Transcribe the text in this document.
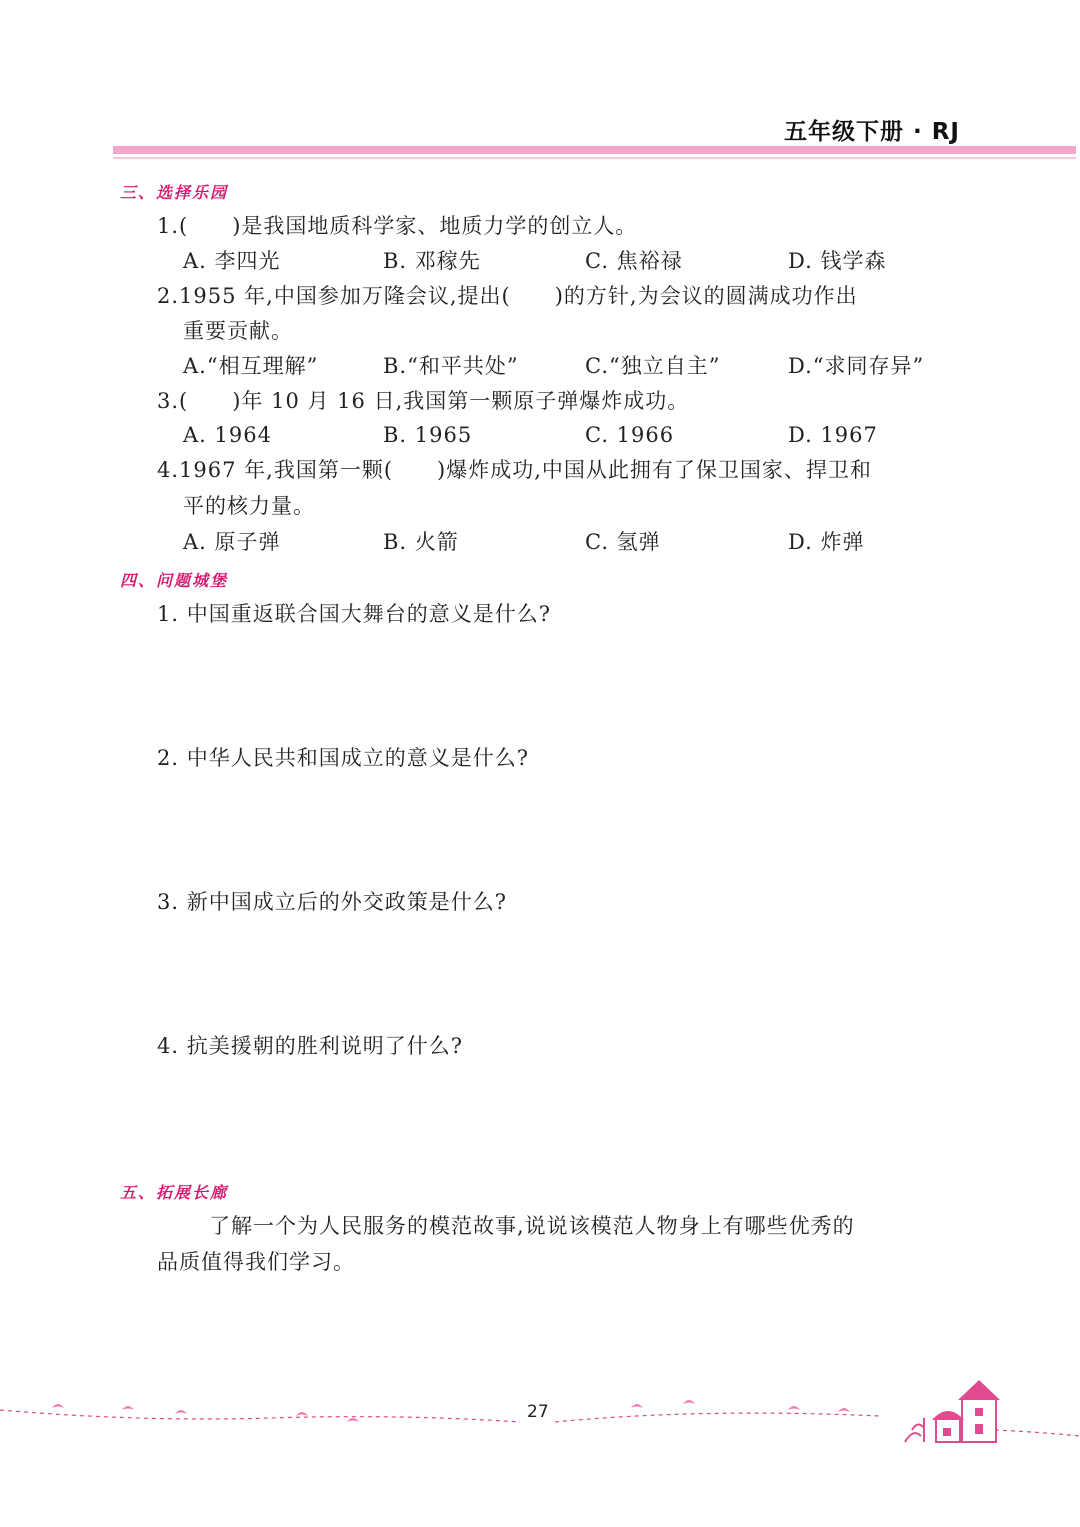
五年级下册 · RJ
三、选择乐园
1.(　　)是我国地质科学家、地质力学的创立人。
A. 李四光	B. 邓稼先	C. 焦裕禄	D. 钱学森
2.1955 年,中国参加万隆会议,提出(　　)的方针,为会议的圆满成功作出
重要贡献。
A.“相互理解”	B.“和平共处”	C.“独立自主”	D.“求同存异”
3.(　　)年 10 月 16 日,我国第一颗原子弹爆炸成功。
A. 1964	B. 1965	C. 1966	D. 1967
4.1967 年,我国第一颗(　　)爆炸成功,中国从此拥有了保卫国家、捍卫和
平的核力量。
A. 原子弹	B. 火箭	C. 氢弹	D. 炸弹
四、问题城堡
1. 中国重返联合国大舞台的意义是什么?
2. 中华人民共和国成立的意义是什么?
3. 新中国成立后的外交政策是什么?
4. 抗美援朝的胜利说明了什么?
五、拓展长廊
了解一个为人民服务的模范故事,说说该模范人物身上有哪些优秀的
品质值得我们学习。
27
